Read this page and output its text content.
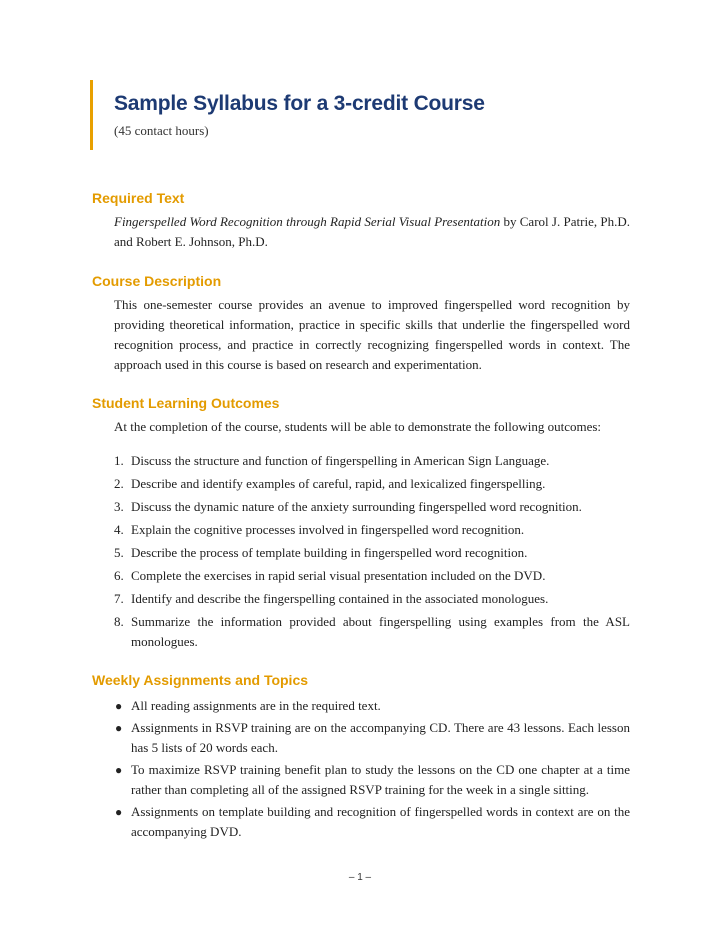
Sample Syllabus for a 3-credit Course
(45 contact hours)
Required Text

Fingerspelled Word Recognition through Rapid Serial Visual Presentation by Carol J. Patrie, Ph.D. and Robert E. Johnson, Ph.D.

Course Description

This one-semester course provides an avenue to improved fingerspelled word recognition by providing theoretical information, practice in specific skills that underlie the fingerspelled word recognition process, and practice in correctly recognizing fingerspelled words in context. The approach used in this course is based on research and experimentation.

Student Learning Outcomes

At the completion of the course, students will be able to demonstrate the following outcomes:

1. Discuss the structure and function of fingerspelling in American Sign Language.
2. Describe and identify examples of careful, rapid, and lexicalized fingerspelling.
3. Discuss the dynamic nature of the anxiety surrounding fingerspelled word recognition.
4. Explain the cognitive processes involved in fingerspelled word recognition.
5. Describe the process of template building in fingerspelled word recognition.
6. Complete the exercises in rapid serial visual presentation included on the DVD.
7. Identify and describe the fingerspelling contained in the associated monologues.
8. Summarize the information provided about fingerspelling using examples from the ASL monologues.
Weekly Assignments and Topics
● All reading assignments are in the required text.
● Assignments in RSVP training are on the accompanying CD. There are 43 lessons. Each lesson has 5 lists of 20 words each.
● To maximize RSVP training benefit plan to study the lessons on the CD one chapter at a time rather than completing all of the assigned RSVP training for the week in a single sitting.
● Assignments on template building and recognition of fingerspelled words in context are on the accompanying DVD.
– 1 –
